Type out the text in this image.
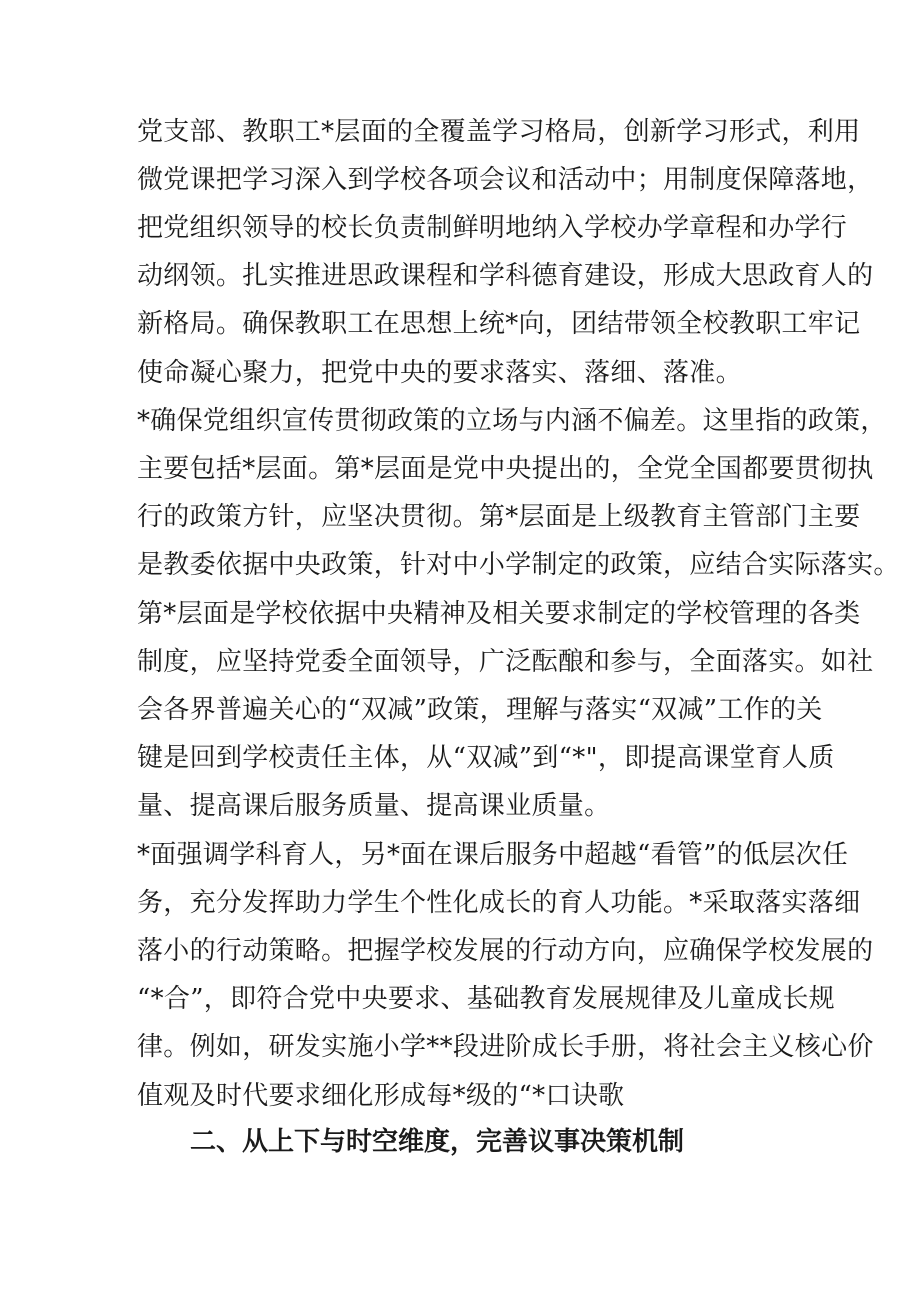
党支部、教职工*层面的全覆盖学习格局，创新学习形式，利用
微党课把学习深入到学校各项会议和活动中；用制度保障落地，
把党组织领导的校长负责制鲜明地纳入学校办学章程和办学行
动纲领。扎实推进思政课程和学科德育建设，形成大思政育人的
新格局。确保教职工在思想上统*向，团结带领全校教职工牢记
使命凝心聚力，把党中央的要求落实、落细、落准。
*确保党组织宣传贯彻政策的立场与内涵不偏差。这里指的政策，
主要包括*层面。第*层面是党中央提出的，全党全国都要贯彻执
行的政策方针，应坚决贯彻。第*层面是上级教育主管部门主要
是教委依据中央政策，针对中小学制定的政策，应结合实际落实。
第*层面是学校依据中央精神及相关要求制定的学校管理的各类
制度，应坚持党委全面领导，广泛酝酿和参与，全面落实。如社
会各界普遍关心的“双减”政策，理解与落实“双减”工作的关
键是回到学校责任主体，从“双减”到“*"，即提高课堂育人质
量、提高课后服务质量、提高课业质量。
*面强调学科育人，另*面在课后服务中超越“看管”的低层次任
务，充分发挥助力学生个性化成长的育人功能。*采取落实落细
落小的行动策略。把握学校发展的行动方向，应确保学校发展的
“*合”，即符合党中央要求、基础教育发展规律及儿童成长规
律。例如，研发实施小学**段进阶成长手册，将社会主义核心价
值观及时代要求细化形成每*级的“*口诀歌
二、从上下与时空维度，完善议事决策机制
